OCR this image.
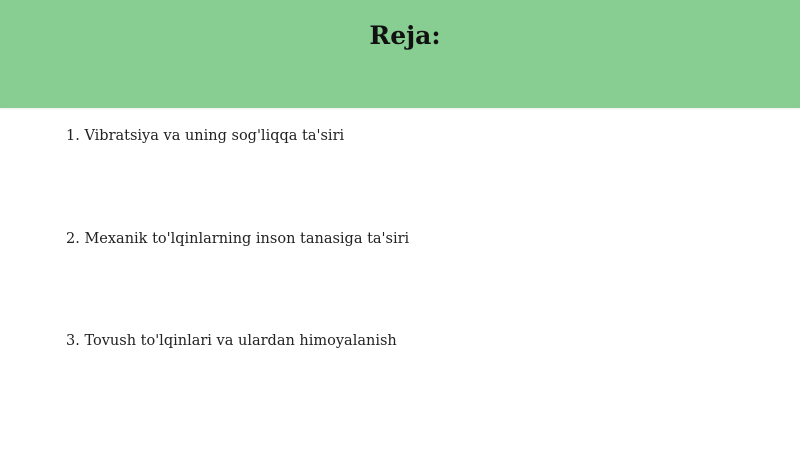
Reja:

1. Vibratsiya va uning sog'liqqa ta'siri

2. Mexanik to'lqinlarning inson tanasiga ta'siri

3. Tovush to'lqinlari va ulardan himoyalanish
